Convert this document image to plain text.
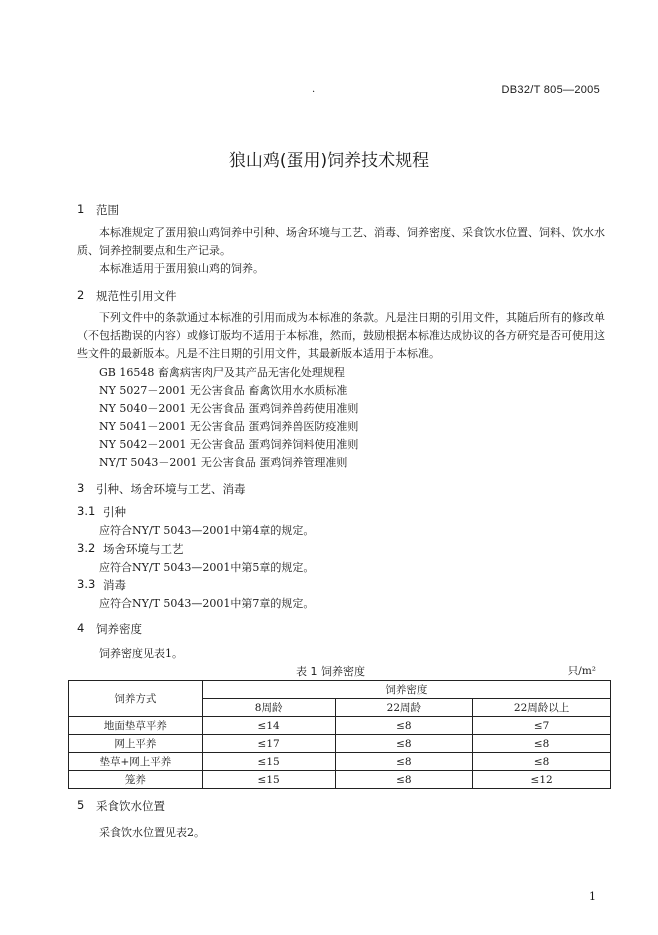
.	DB32/T 805—2005
狼山鸡(蛋用)饲养技术规程
1 范围
本标准规定了蛋用狼山鸡饲养中引种、场舍环境与工艺、消毒、饲养密度、采食饮水位置、饲料、饮水水质、饲养控制要点和生产记录。
本标准适用于蛋用狼山鸡的饲养。
2 规范性引用文件
下列文件中的条款通过本标准的引用而成为本标准的条款。凡是注日期的引用文件，其随后所有的修改单（不包括勘误的内容）或修订版均不适用于本标准，然而，鼓励根据本标准达成协议的各方研究是否可使用这些文件的最新版本。凡是不注日期的引用文件，其最新版本适用于本标准。
GB 16548 畜禽病害肉尸及其产品无害化处理规程
NY 5027－2001 无公害食品 畜禽饮用水水质标准
NY 5040－2001 无公害食品 蛋鸡饲养兽药使用准则
NY 5041－2001 无公害食品 蛋鸡饲养兽医防疫准则
NY 5042－2001 无公害食品 蛋鸡饲养饲料使用准则
NY/T 5043－2001 无公害食品 蛋鸡饲养管理准则
3 引种、场舍环境与工艺、消毒
3.1 引种
应符合NY/T 5043—2001中第4章的规定。
3.2 场舍环境与工艺
应符合NY/T 5043—2001中第5章的规定。
3.3 消毒
应符合NY/T 5043—2001中第7章的规定。
4 饲养密度
饲养密度见表1。
表 1 饲养密度	只/m²
饲养方式	饲养密度		
	8周龄	22周龄	22周龄以上
地面垫草平养	≤14	≤8	≤7
网上平养	≤17	≤8	≤8
垫草+网上平养	≤15	≤8	≤8
笼养	≤15	≤8	≤12
5 采食饮水位置
采食饮水位置见表2。
1
